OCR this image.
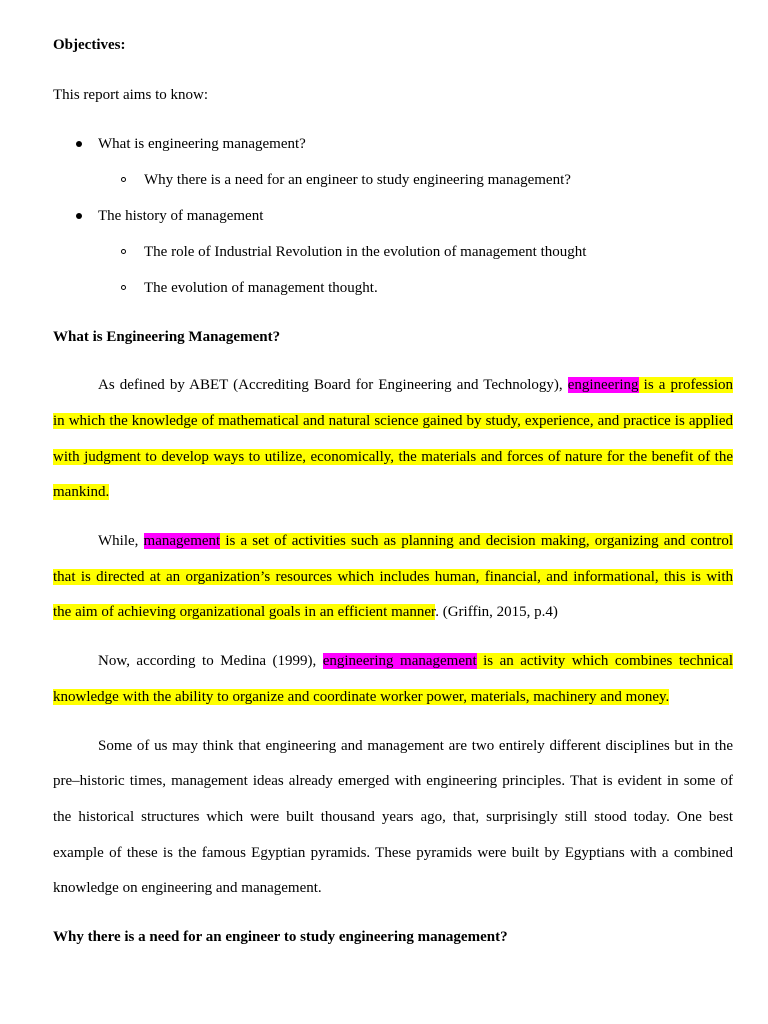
Objectives:
This report aims to know:
What is engineering management?
Why there is a need for an engineer to study engineering management?
The history of management
The role of Industrial Revolution in the evolution of management thought
The evolution of management thought.
What is Engineering Management?
As defined by ABET (Accrediting Board for Engineering and Technology), engineering is a profession
in which the knowledge of mathematical and natural science gained by study, experience, and practice is applied
with judgment to develop ways to utilize, economically, the materials and forces of nature for the benefit of the
mankind.
While, management is a set of activities such as planning and decision making, organizing and control
that is directed at an organization’s resources which includes human, financial, and informational, this is with
the aim of achieving organizational goals in an efficient manner. (Griffin, 2015, p.4)
Now, according to Medina (1999), engineering management is an activity which combines technical
knowledge with the ability to organize and coordinate worker power, materials, machinery and money.
Some of us may think that engineering and management are two entirely different disciplines but in the
pre–historic times, management ideas already emerged with engineering principles. That is evident in some of
the historical structures which were built thousand years ago, that, surprisingly still stood today. One best
example of these is the famous Egyptian pyramids. These pyramids were built by Egyptians with a combined
knowledge on engineering and management.
Why there is a need for an engineer to study engineering management?
